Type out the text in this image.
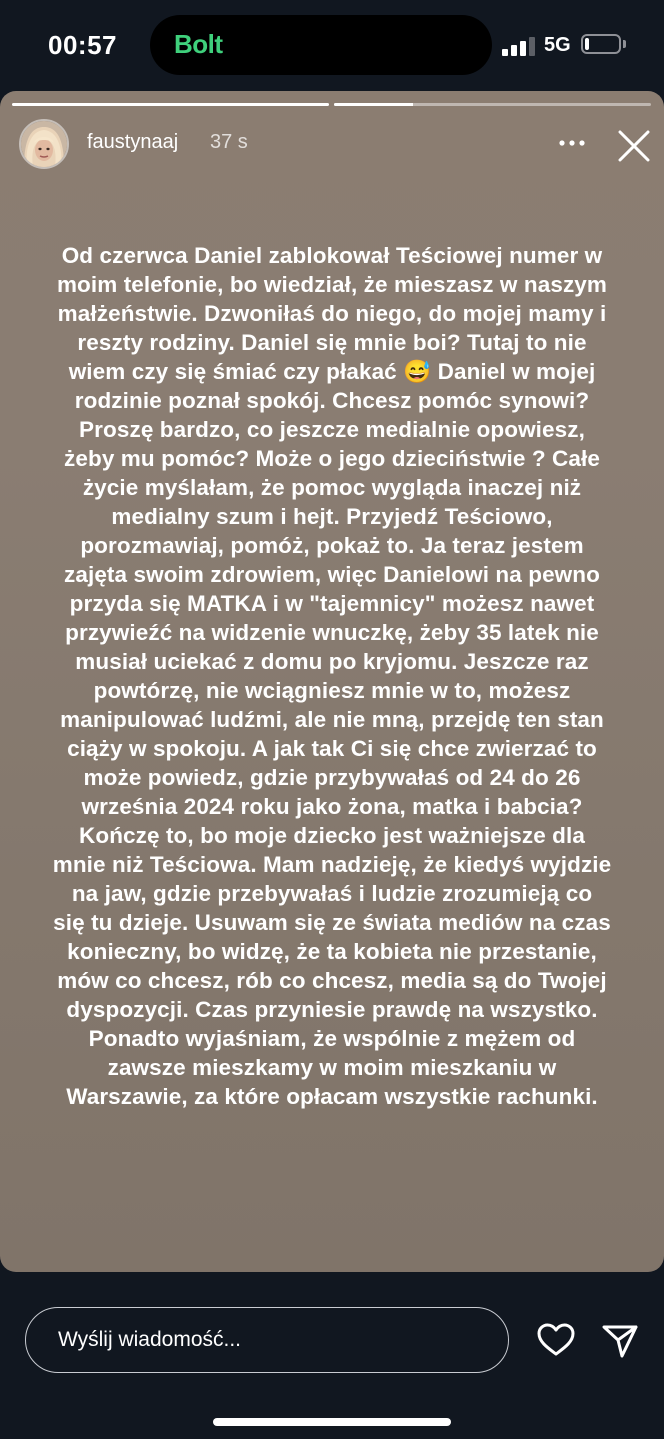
00:57 Bolt	5G
faustynaaj 37 s
Od czerwca Daniel zablokował Teściowej numer w
moim telefonie, bo wiedział, że mieszasz w naszym
małżeństwie. Dzwoniłaś do niego, do mojej mamy i
reszty rodziny. Daniel się mnie boi? Tutaj to nie
wiem czy się śmiać czy płakać 😅 Daniel w mojej
rodzinie poznał spokój. Chcesz pomóc synowi?
Proszę bardzo, co jeszcze medialnie opowiesz,
żeby mu pomóc? Może o jego dzieciństwie ? Całe
życie myślałam, że pomoc wygląda inaczej niż
medialny szum i hejt. Przyjedź Teściowo,
porozmawiaj, pomóż, pokaż to. Ja teraz jestem
zajęta swoim zdrowiem, więc Danielowi na pewno
przyda się MATKA i w "tajemnicy" możesz nawet
przywieźć na widzenie wnuczkę, żeby 35 latek nie
musiał uciekać z domu po kryjomu. Jeszcze raz
powtórzę, nie wciągniesz mnie w to, możesz
manipulować ludźmi, ale nie mną, przejdę ten stan
ciąży w spokoju. A jak tak Ci się chce zwierzać to
może powiedz, gdzie przybywałaś od 24 do 26
września 2024 roku jako żona, matka i babcia?
Kończę to, bo moje dziecko jest ważniejsze dla
mnie niż Teściowa. Mam nadzieję, że kiedyś wyjdzie
na jaw, gdzie przebywałaś i ludzie zrozumieją co
się tu dzieje. Usuwam się ze świata mediów na czas
konieczny, bo widzę, że ta kobieta nie przestanie,
mów co chcesz, rób co chcesz, media są do Twojej
dyspozycji. Czas przyniesie prawdę na wszystko.
Ponadto wyjaśniam, że wspólnie z mężem od
zawsze mieszkamy w moim mieszkaniu w
Warszawie, za które opłacam wszystkie rachunki.
Wyślij wiadomość...
